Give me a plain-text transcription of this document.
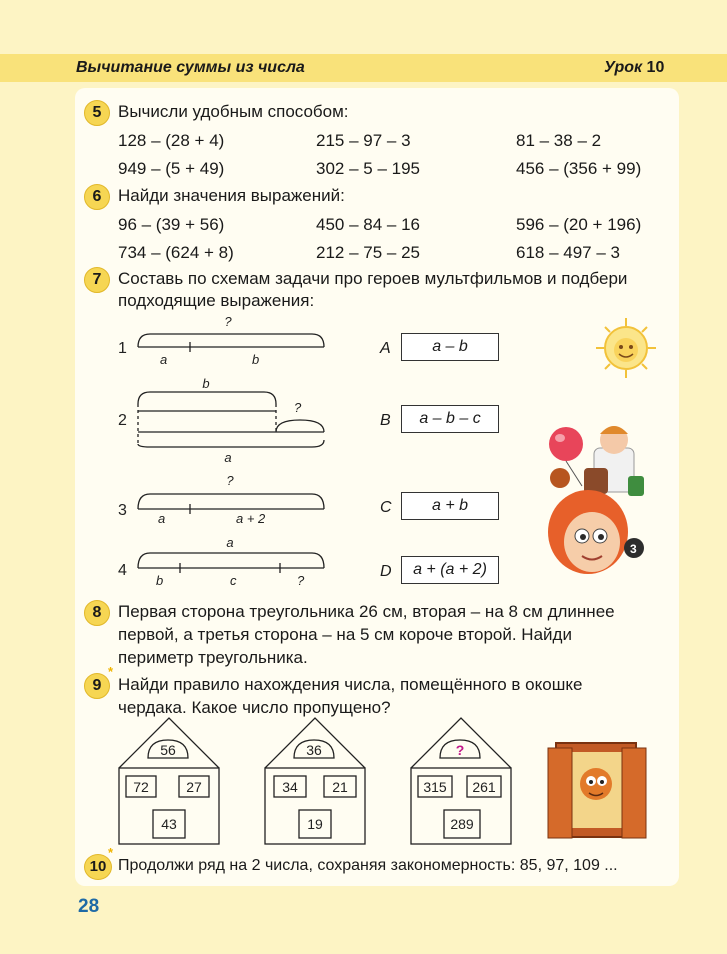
Вычитание суммы из числа	Урок 10
5 Вычисли удобным способом:
128 – (28 + 4)	215 – 97 – 3	81 – 38 – 2
949 – (5 + 49)	302 – 5 – 195	456 – (356 + 99)
6 Найди значения выражений:
96 – (39 + 56)	450 – 84 – 16	596 – (20 + 196)
734 – (624 + 8)	212 – 75 – 25	618 – 497 – 3
7 Составь по схемам задачи про героев мультфильмов и подбери
подходящие выражения:
?
a	b
b
?
a
?
a	a + 2
a
b	c	?
1
2
3
4
3
56
72	27
43
36
34 21
19
?
315 261
289
A	a – b
B	a – b – c
C	a + b
D	a + (a + 2)
8 Первая сторона треугольника 26 см, вторая – на 8 см длиннее
первой, а третья сторона – на 5 см короче второй. Найди
периметр треугольника.
*
9 Найди правило нахождения числа, помещённого в окошке
чердака. Какое число пропущено?
*
10 Продолжи ряд на 2 числа, сохраняя закономерность: 85, 97, 109 ...
28
